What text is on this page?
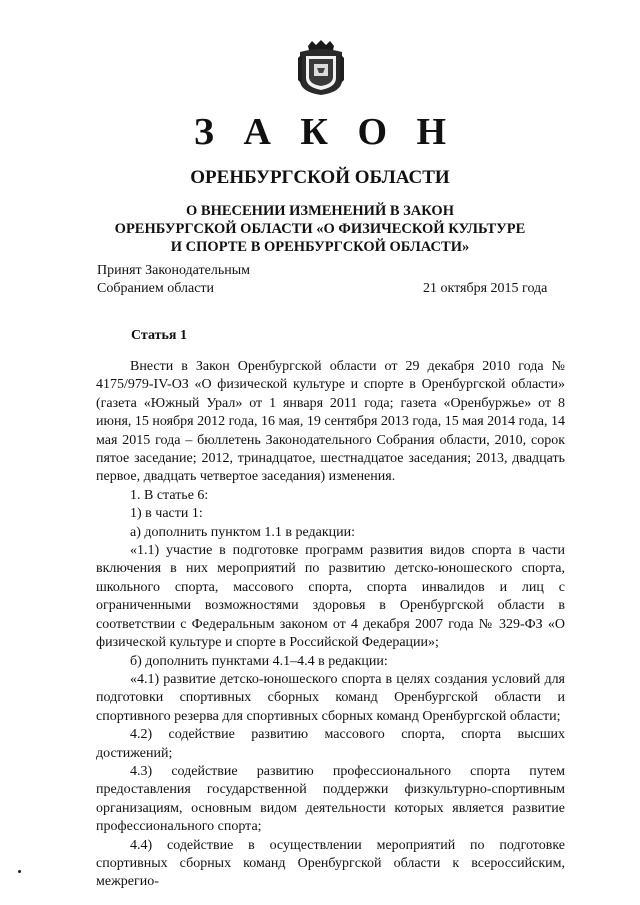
З А К О Н
ОРЕНБУРГСКОЙ ОБЛАСТИ
О ВНЕСЕНИИ ИЗМЕНЕНИЙ В ЗАКОН
ОРЕНБУРГСКОЙ ОБЛАСТИ «О ФИЗИЧЕСКОЙ КУЛЬТУРЕ
И СПОРТЕ В ОРЕНБУРГСКОЙ ОБЛАСТИ»
Принят Законодательным
Собранием области	21 октября 2015 года
Статья 1

Внести в Закон Оренбургской области от 29 декабря 2010 года № 4175/979-IV-ОЗ «О физической культуре и спорте в Оренбургской области» (газета «Южный Урал» от 1 января 2011 года; газета «Оренбуржье» от 8 июня, 15 ноября 2012 года, 16 мая, 19 сентября 2013 года, 15 мая 2014 года, 14 мая 2015 года – бюллетень Законодательного Собрания области, 2010, сорок пятое заседание; 2012, тринадцатое, шестнадцатое заседания; 2013, двадцать первое, двадцать четвертое заседания) изменения.

1. В статье 6:

1) в части 1:

а) дополнить пунктом 1.1 в редакции:

«1.1) участие в подготовке программ развития видов спорта в части включения в них мероприятий по развитию детско-юношеского спорта, школьного спорта, массового спорта, спорта инвалидов и лиц с ограниченными возможностями здоровья в Оренбургской области в соответствии с Федеральным законом от 4 декабря 2007 года № 329-ФЗ «О физической культуре и спорте в Российской Федерации»;

б) дополнить пунктами 4.1–4.4 в редакции:

«4.1) развитие детско-юношеского спорта в целях создания условий для подготовки спортивных сборных команд Оренбургской области и спортивного резерва для спортивных сборных команд Оренбургской области;

4.2) содействие развитию массового спорта, спорта высших достижений;

4.3) содействие развитию профессионального спорта путем предоставления государственной поддержки физкультурно-спортивным организациям, основным видом деятельности которых является развитие профессионального спорта;

4.4) содействие в осуществлении мероприятий по подготовке спортивных сборных команд Оренбургской области к всероссийским, межрегио-
